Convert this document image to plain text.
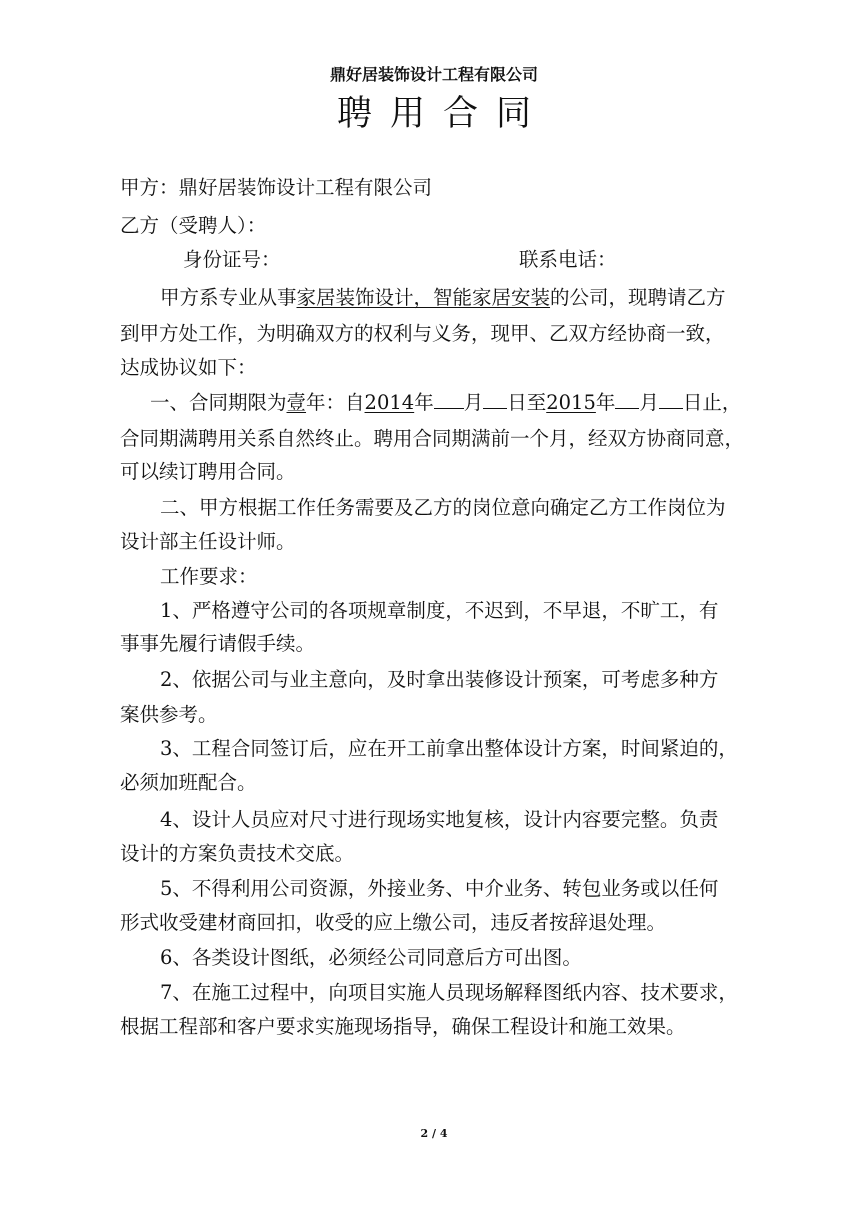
鼎好居装饰设计工程有限公司
聘用合同
甲方：鼎好居装饰设计工程有限公司
乙方（受聘人）：
身份证号：	联系电话：
甲方系专业从事家居装饰设计，智能家居安装的公司，现聘请乙方
到甲方处工作，为明确双方的权利与义务，现甲、乙双方经协商一致，
达成协议如下：
一、合同期限为壹年：自2014年 月 日至2015年 月 日止，
合同期满聘用关系自然终止。聘用合同期满前一个月，经双方协商同意，
可以续订聘用合同。
二、甲方根据工作任务需要及乙方的岗位意向确定乙方工作岗位为
设计部主任设计师。
工作要求：
1、严格遵守公司的各项规章制度，不迟到，不早退，不旷工，有
事事先履行请假手续。
2、依据公司与业主意向，及时拿出装修设计预案，可考虑多种方
案供参考。
3、工程合同签订后，应在开工前拿出整体设计方案，时间紧迫的，
必须加班配合。
4、设计人员应对尺寸进行现场实地复核，设计内容要完整。负责
设计的方案负责技术交底。
5、不得利用公司资源，外接业务、中介业务、转包业务或以任何
形式收受建材商回扣，收受的应上缴公司，违反者按辞退处理。
6、各类设计图纸，必须经公司同意后方可出图。
7、在施工过程中，向项目实施人员现场解释图纸内容、技术要求，
根据工程部和客户要求实施现场指导，确保工程设计和施工效果。
2 / 4
